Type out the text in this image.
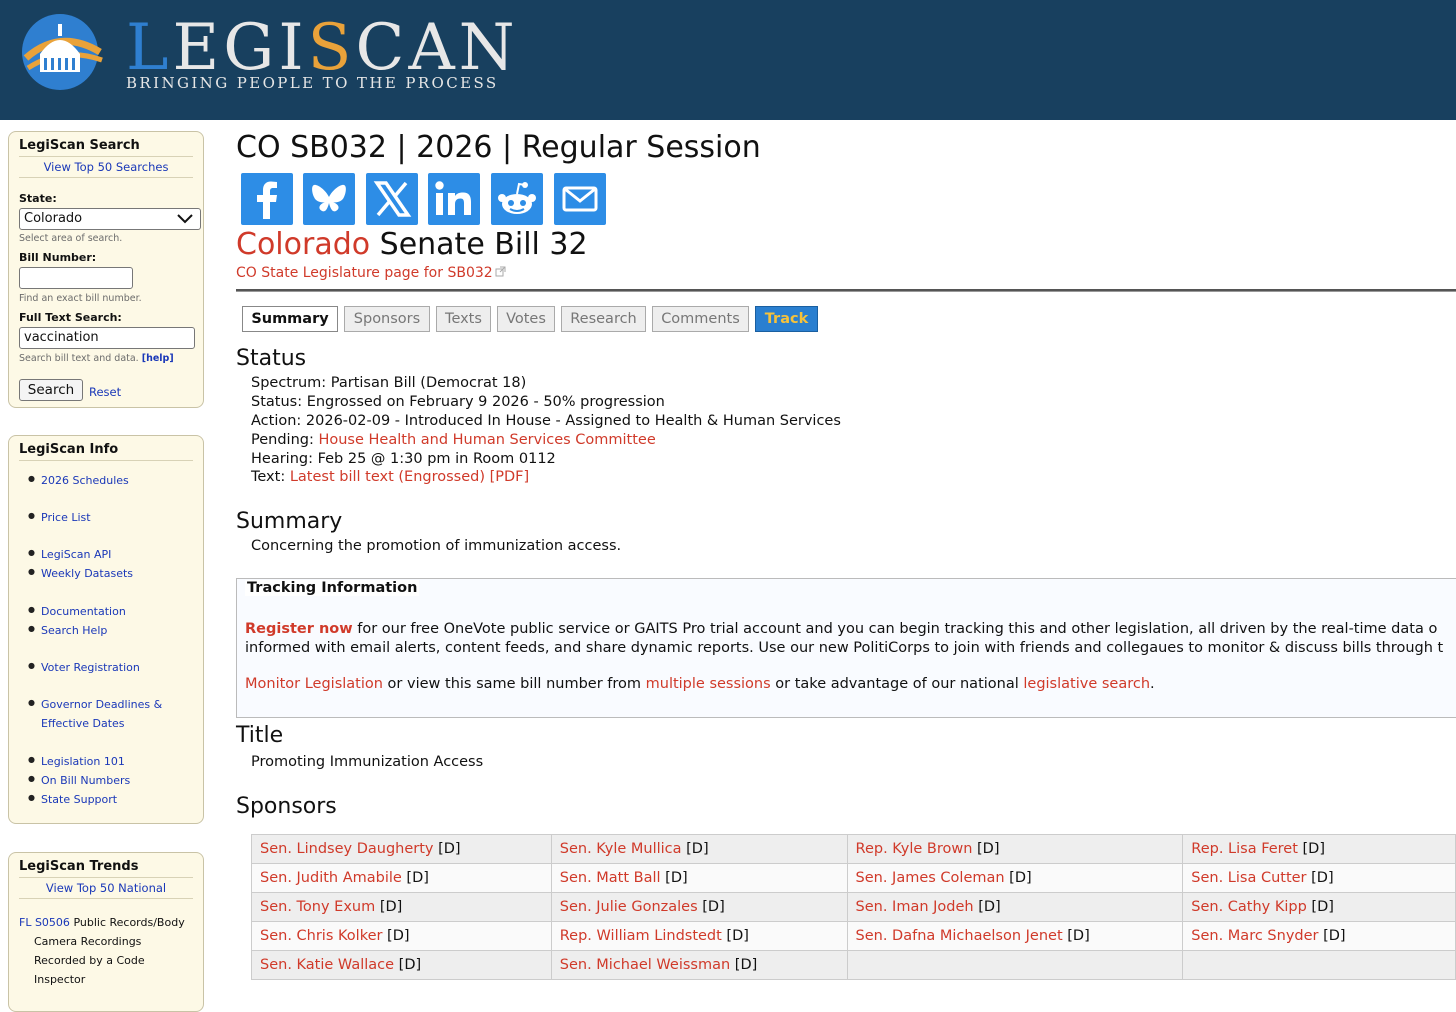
LEGISCAN
BRINGING PEOPLE TO THE PROCESS
LegiScan Search
View Top 50 Searches
State:
Colorado
Select area of search.
Bill Number:
Find an exact bill number.
Full Text Search:
vaccination
Search bill text and data. [help]
Search	Reset
LegiScan Info
● 2026 Schedules
● Price List
● LegiScan API
● Weekly Datasets
● Documentation
● Search Help
● Voter Registration
● Governor Deadlines &
Effective Dates
● Legislation 101
● On Bill Numbers
● State Support
LegiScan Trends
View Top 50 National
FL S0506 Public Records/Body
Camera Recordings
Recorded by a Code
Inspector
CO SB032 | 2026 | Regular Session
Colorado Senate Bill 32
CO State Legislature page for SB032
Summary	Sponsors	Texts	Votes	Research	Comments	Track
Status
Spectrum: Partisan Bill (Democrat 18)
Status: Engrossed on February 9 2026 - 50% progression
Action: 2026-02-09 - Introduced In House - Assigned to Health & Human Services
Pending: House Health and Human Services Committee
Hearing: Feb 25 @ 1:30 pm in Room 0112
Text: Latest bill text (Engrossed) [PDF]
Summary
Concerning the promotion of immunization access.
Tracking Information
Register now for our free OneVote public service or GAITS Pro trial account and you can begin tracking this and other legislation, all driven by the real-time data o
informed with email alerts, content feeds, and share dynamic reports. Use our new PolitiCorps to join with friends and collegaues to monitor & discuss bills through t
Monitor Legislation or view this same bill number from multiple sessions or take advantage of our national legislative search.
Title
Promoting Immunization Access
Sponsors
Sen. Lindsey Daugherty [D]	Sen. Kyle Mullica [D]	Rep. Kyle Brown [D]	Rep. Lisa Feret [D]
Sen. Judith Amabile [D]	Sen. Matt Ball [D]	Sen. James Coleman [D]	Sen. Lisa Cutter [D]
Sen. Tony Exum [D]	Sen. Julie Gonzales [D]	Sen. Iman Jodeh [D]	Sen. Cathy Kipp [D]
Sen. Chris Kolker [D]	Rep. William Lindstedt [D]	Sen. Dafna Michaelson Jenet [D]	Sen. Marc Snyder [D]
Sen. Katie Wallace [D]	Sen. Michael Weissman [D]		
